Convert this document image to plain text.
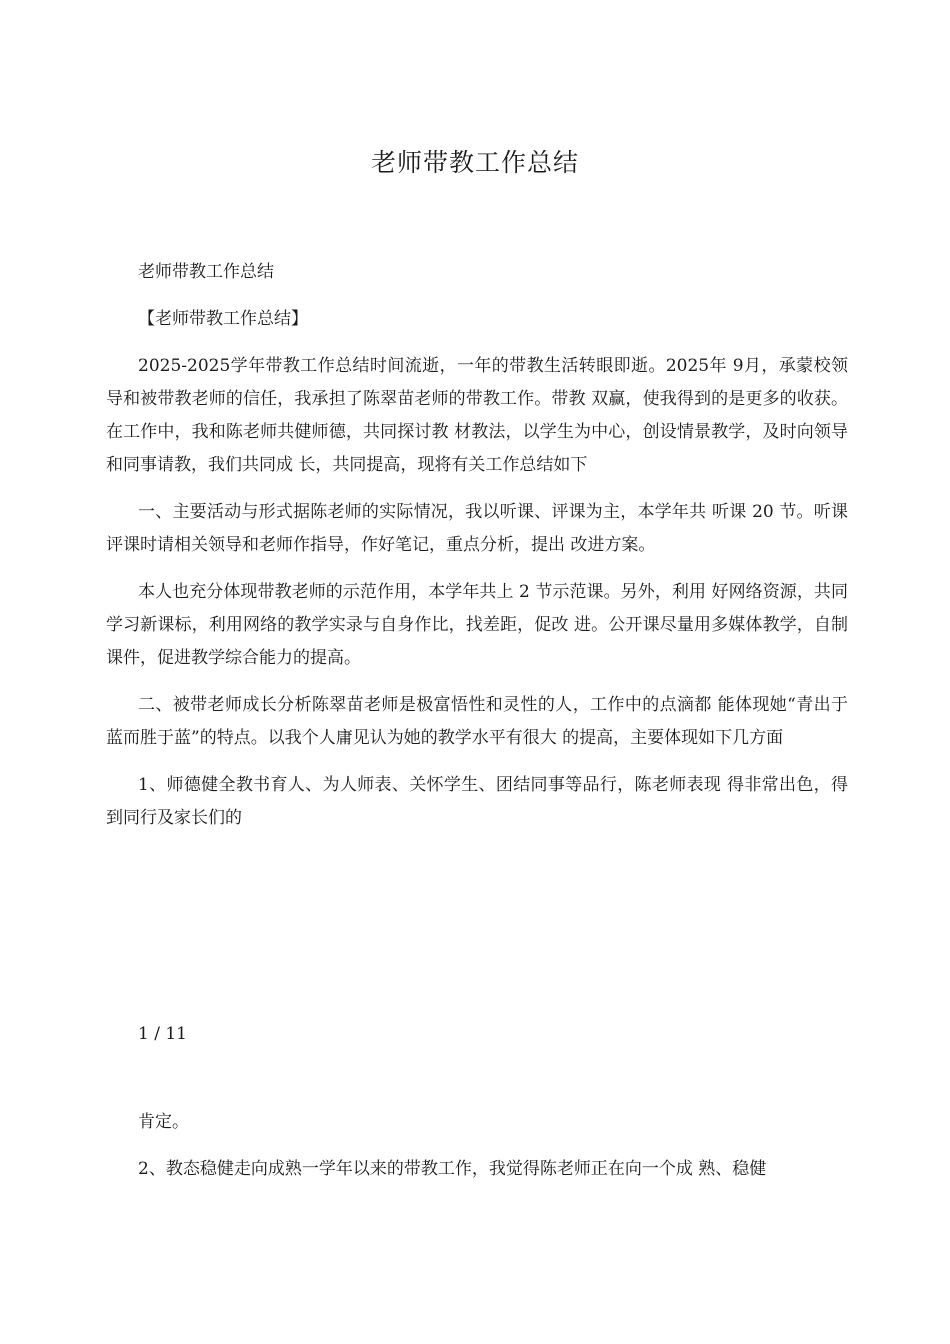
老师带教工作总结

老师带教工作总结

【老师带教工作总结】

2025-2025学年带教工作总结时间流逝，一年的带教生活转眼即逝。2025年 9月，承蒙校领导和被带教老师的信任，我承担了陈翠苗老师的带教工作。带教 双赢，使我得到的是更多的收获。在工作中，我和陈老师共健师德，共同探讨教 材教法，以学生为中心，创设情景教学，及时向领导和同事请教，我们共同成 长，共同提高，现将有关工作总结如下

一、主要活动与形式据陈老师的实际情况，我以听课、评课为主，本学年共 听课 20 节。听课评课时请相关领导和老师作指导，作好笔记，重点分析，提出 改进方案。

本人也充分体现带教老师的示范作用，本学年共上 2 节示范课。另外，利用 好网络资源，共同学习新课标，利用网络的教学实录与自身作比，找差距，促改 进。公开课尽量用多媒体教学，自制课件，促进教学综合能力的提高。

二、被带老师成长分析陈翠苗老师是极富悟性和灵性的人，工作中的点滴都 能体现她“青出于蓝而胜于蓝”的特点。以我个人庸见认为她的教学水平有很大 的提高，主要体现如下几方面

1、师德健全教书育人、为人师表、关怀学生、团结同事等品行，陈老师表现 得非常出色，得到同行及家长们的

1 / 11

肯定。

2、教态稳健走向成熟一学年以来的带教工作，我觉得陈老师正在向一个成 熟、稳健
